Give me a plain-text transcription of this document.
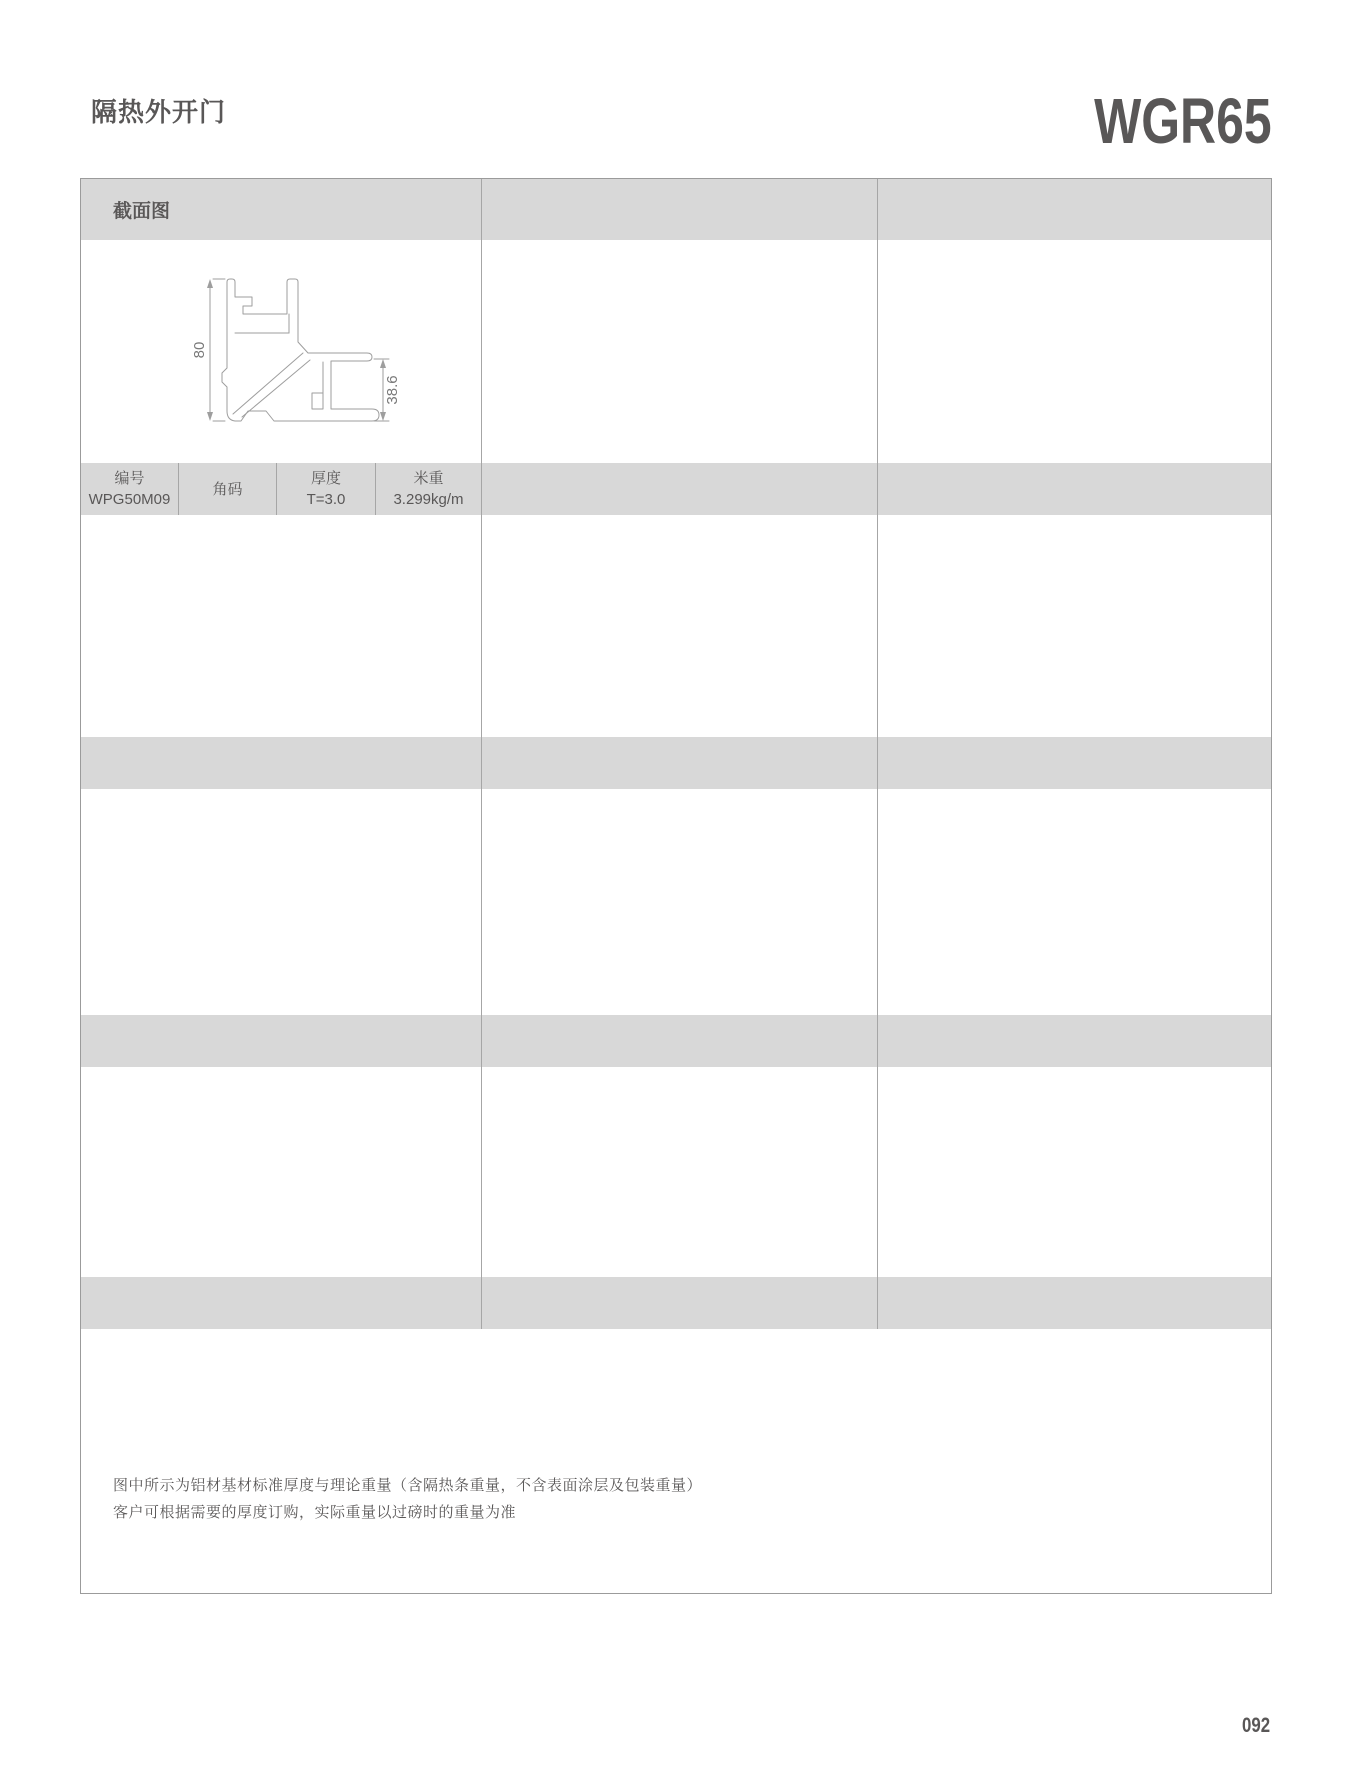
隔热外开门	WGR65
截面图
80
38.6
编号
WPG50M09
角码
厚度
T=3.0
米重
3.299kg/m
图中所示为铝材基材标准厚度与理论重量（含隔热条重量，不含表面涂层及包装重量）
客户可根据需要的厚度订购，实际重量以过磅时的重量为准
092
